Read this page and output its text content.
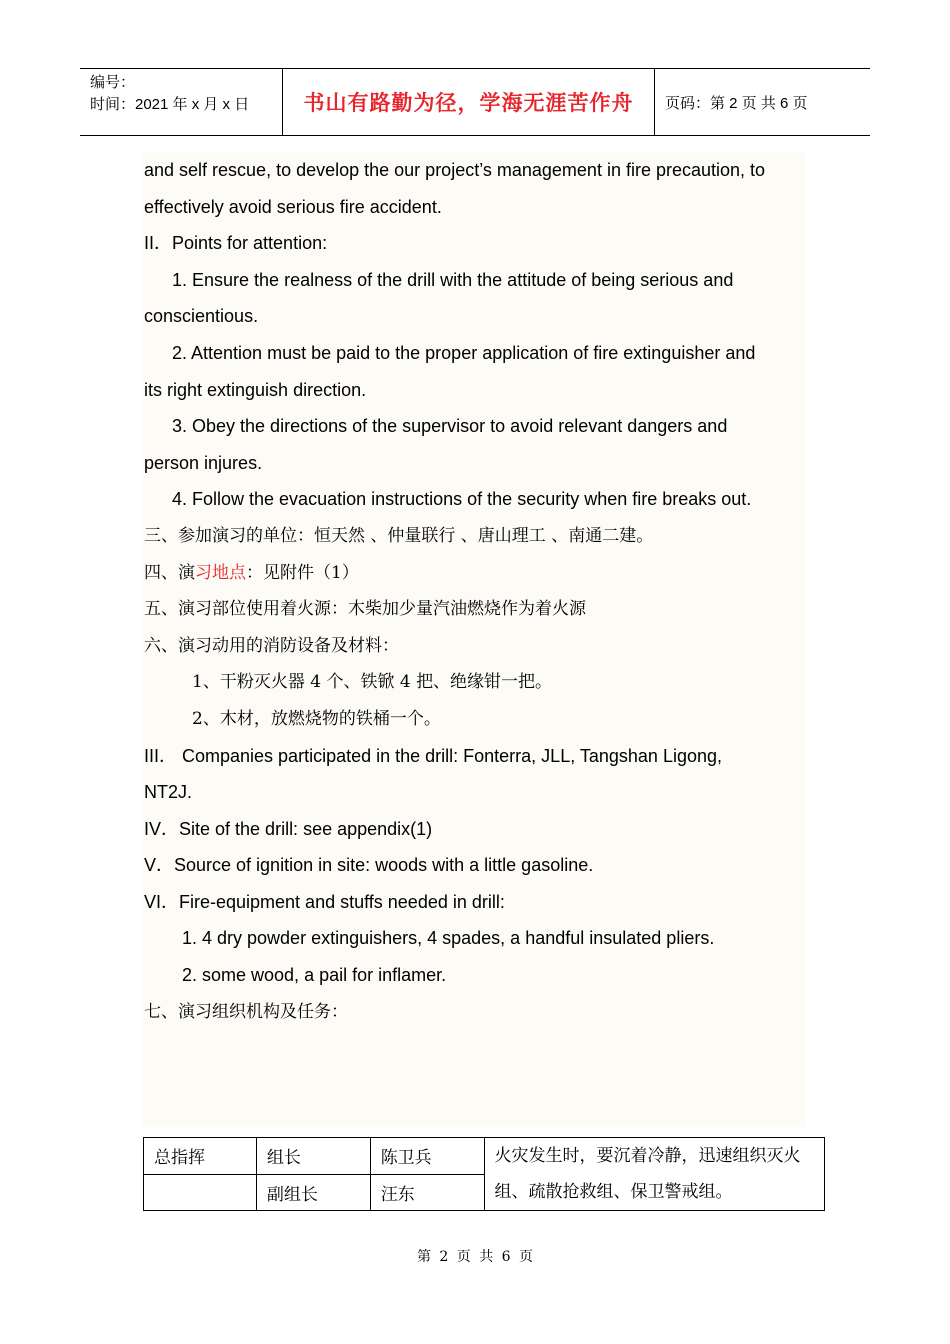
编号：
时间：2021 年 x 月 x 日	书山有路勤为径，学海无涯苦作舟	页码：第 2 页 共 6 页
and self rescue, to develop the our project’s management in fire precaution, to
effectively avoid serious fire accident.
II．Points for attention:
1. Ensure the realness of the drill with the attitude of being serious and
conscientious.
2. Attention must be paid to the proper application of fire extinguisher and
its right extinguish direction.
3. Obey the directions of the supervisor to avoid relevant dangers and
person injures.
4. Follow the evacuation instructions of the security when fire breaks out.
三、参加演习的单位：恒天然 、仲量联行 、唐山理工 、南通二建。
四、演习地点：见附件（1）
五、演习部位使用着火源：木柴加少量汽油燃烧作为着火源
六、演习动用的消防设备及材料：
1、干粉灭火器 4 个、铁锨 4 把、绝缘钳一把。
2、木材，放燃烧物的铁桶一个。
III． Companies participated in the drill: Fonterra, JLL, Tangshan Ligong,
NT2J.
IV．Site of the drill: see appendix(1)
V．Source of ignition in site: woods with a little gasoline.
VI．Fire-equipment and stuffs needed in drill:
1. 4 dry powder extinguishers, 4 spades, a handful insulated pliers.
2. some wood, a pail for inflamer.
七、演习组织机构及任务：
总指挥	组长	陈卫兵	火灾发生时，要沉着冷静，迅速组织灭火组、疏散抢救组、保卫警戒组。
	副组长	汪东	
第 2 页 共 6 页
